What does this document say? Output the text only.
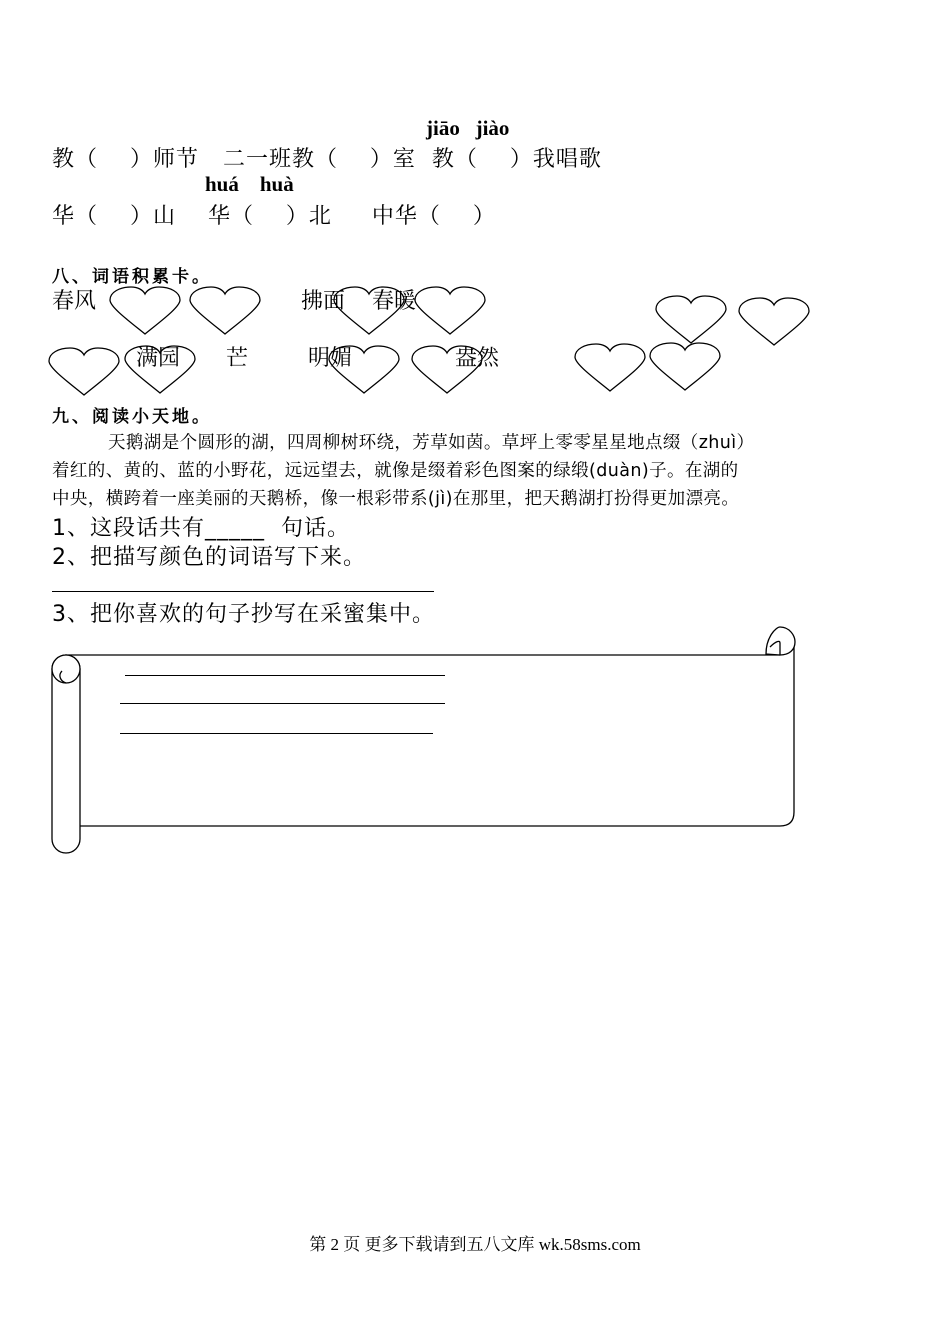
jiāo   jiào
教（    ）师节   二一班教（    ）室  教（    ）我唱歌
huá    huà
华（    ）山    华（    ）北     中华（    ）
八、词语积累卡。
春风	拂面 春暖
满园 芒	明媚	盎然
九、阅读小天地。
天鹅湖是个圆形的湖，四周柳树环绕，芳草如茵。草坪上零零星星地点缀（zhuì）
着红的、黄的、蓝的小野花，远远望去，就像是缀着彩色图案的绿缎(duàn)子。在湖的
中央，横跨着一座美丽的天鹅桥，像一根彩带系(jì)在那里，把天鹅湖打扮得更加漂亮。
1、这段话共有_____  句话。
2、把描写颜色的词语写下来。
3、把你喜欢的句子抄写在采蜜集中。
第 2 页 更多下载请到五八文库 wk.58sms.com
